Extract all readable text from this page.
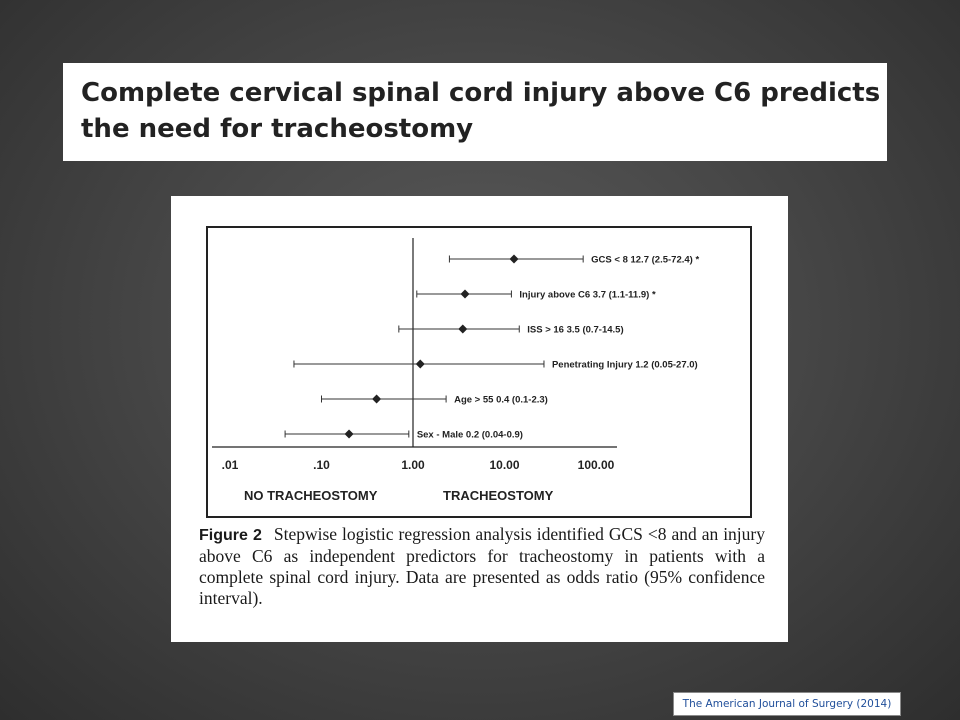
Complete cervical spinal cord injury above C6 predicts
the need for tracheostomy
.01	.10	1.00	10.00	100.00
GCS < 8 12.7 (2.5-72.4) *
Injury above C6 3.7 (1.1-11.9) *
ISS > 16 3.5 (0.7-14.5)
Penetrating Injury 1.2 (0.05-27.0)
Age > 55 0.4 (0.1-2.3)
Sex - Male 0.2 (0.04-0.9)
NO TRACHEOSTOMY	TRACHEOSTOMY
Figure 2 Stepwise logistic regression analysis identified GCS <8 and an injury above C6 as independent predictors for tracheostomy in patients with a complete spinal cord injury. Data are presented as odds ratio (95% confidence interval).
The American Journal of Surgery (2014)
